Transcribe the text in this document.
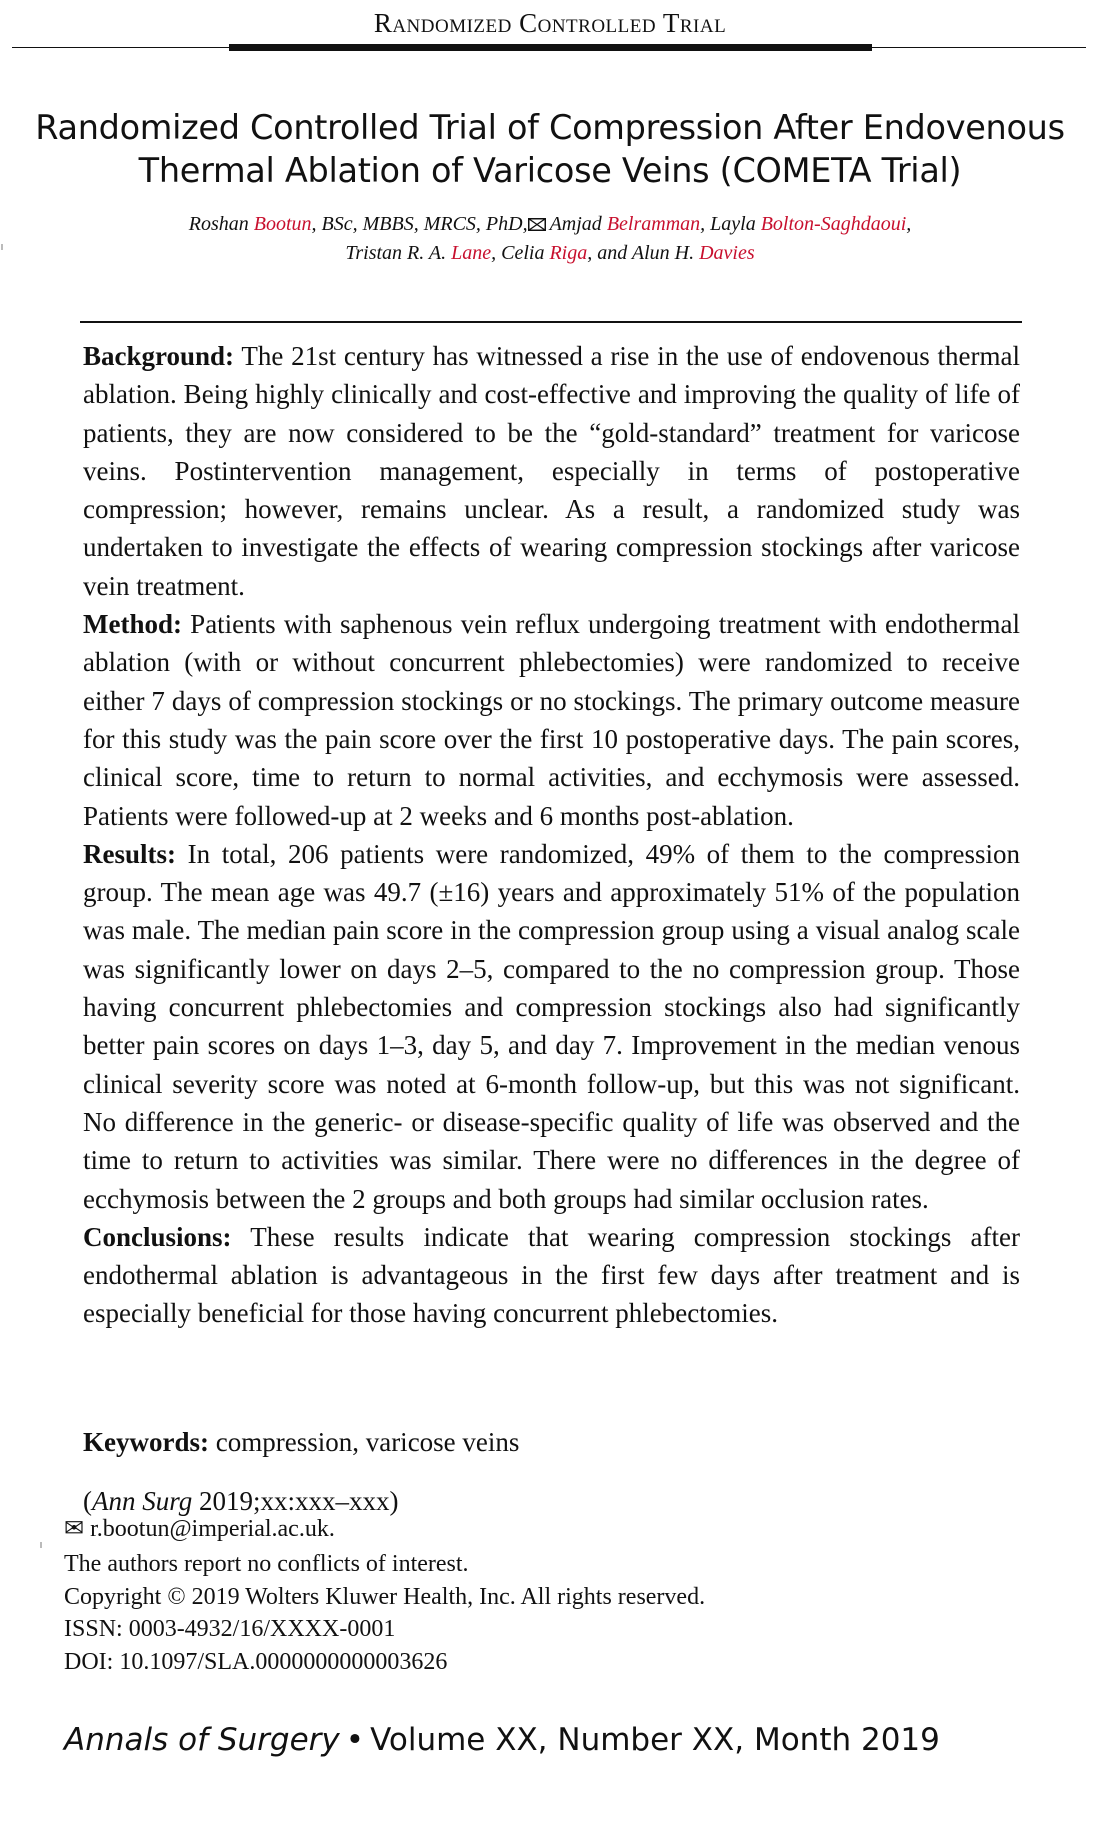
Randomized Controlled Trial
Randomized Controlled Trial of Compression After Endovenous
Thermal Ablation of Varicose Veins (COMETA Trial)
Roshan Bootun, BSc, MBBS, MRCS, PhD, Amjad Belramman, Layla Bolton-Saghdaoui,
Tristan R. A. Lane, Celia Riga, and Alun H. Davies

Background: The 21st century has witnessed a rise in the use of endovenous thermal ablation. Being highly clinically and cost-effective and improving the quality of life of patients, they are now considered to be the “gold-standard” treatment for varicose veins. Postintervention management, especially in terms of postoperative compression; however, remains unclear. As a result, a randomized study was undertaken to investigate the effects of wearing compression stockings after varicose vein treatment.

Method: Patients with saphenous vein reflux undergoing treatment with endothermal ablation (with or without concurrent phlebectomies) were randomized to receive either 7 days of compression stockings or no stockings. The primary outcome measure for this study was the pain score over the first 10 postoperative days. The pain scores, clinical score, time to return to normal activities, and ecchymosis were assessed. Patients were followed-up at 2 weeks and 6 months post-ablation.

Results: In total, 206 patients were randomized, 49% of them to the compression group. The mean age was 49.7 (±16) years and approximately 51% of the population was male. The median pain score in the compression group using a visual analog scale was significantly lower on days 2–5, compared to the no compression group. Those having concurrent phlebectomies and compression stockings also had significantly better pain scores on days 1–3, day 5, and day 7. Improvement in the median venous clinical severity score was noted at 6-month follow-up, but this was not significant. No difference in the generic- or disease-specific quality of life was observed and the time to return to activities was similar. There were no differences in the degree of ecchymosis between the 2 groups and both groups had similar occlusion rates.

Conclusions: These results indicate that wearing compression stockings after endothermal ablation is advantageous in the first few days after treatment and is especially beneficial for those having concurrent phlebectomies.

Keywords: compression, varicose veins
(Ann Surg 2019;xx:xxx–xxx)
✉ r.bootun@imperial.ac.uk.
The authors report no conflicts of interest.
Copyright © 2019 Wolters Kluwer Health, Inc. All rights reserved.
ISSN: 0003-4932/16/XXXX-0001
DOI: 10.1097/SLA.0000000000003626
Annals of Surgery • Volume XX, Number XX, Month 2019
